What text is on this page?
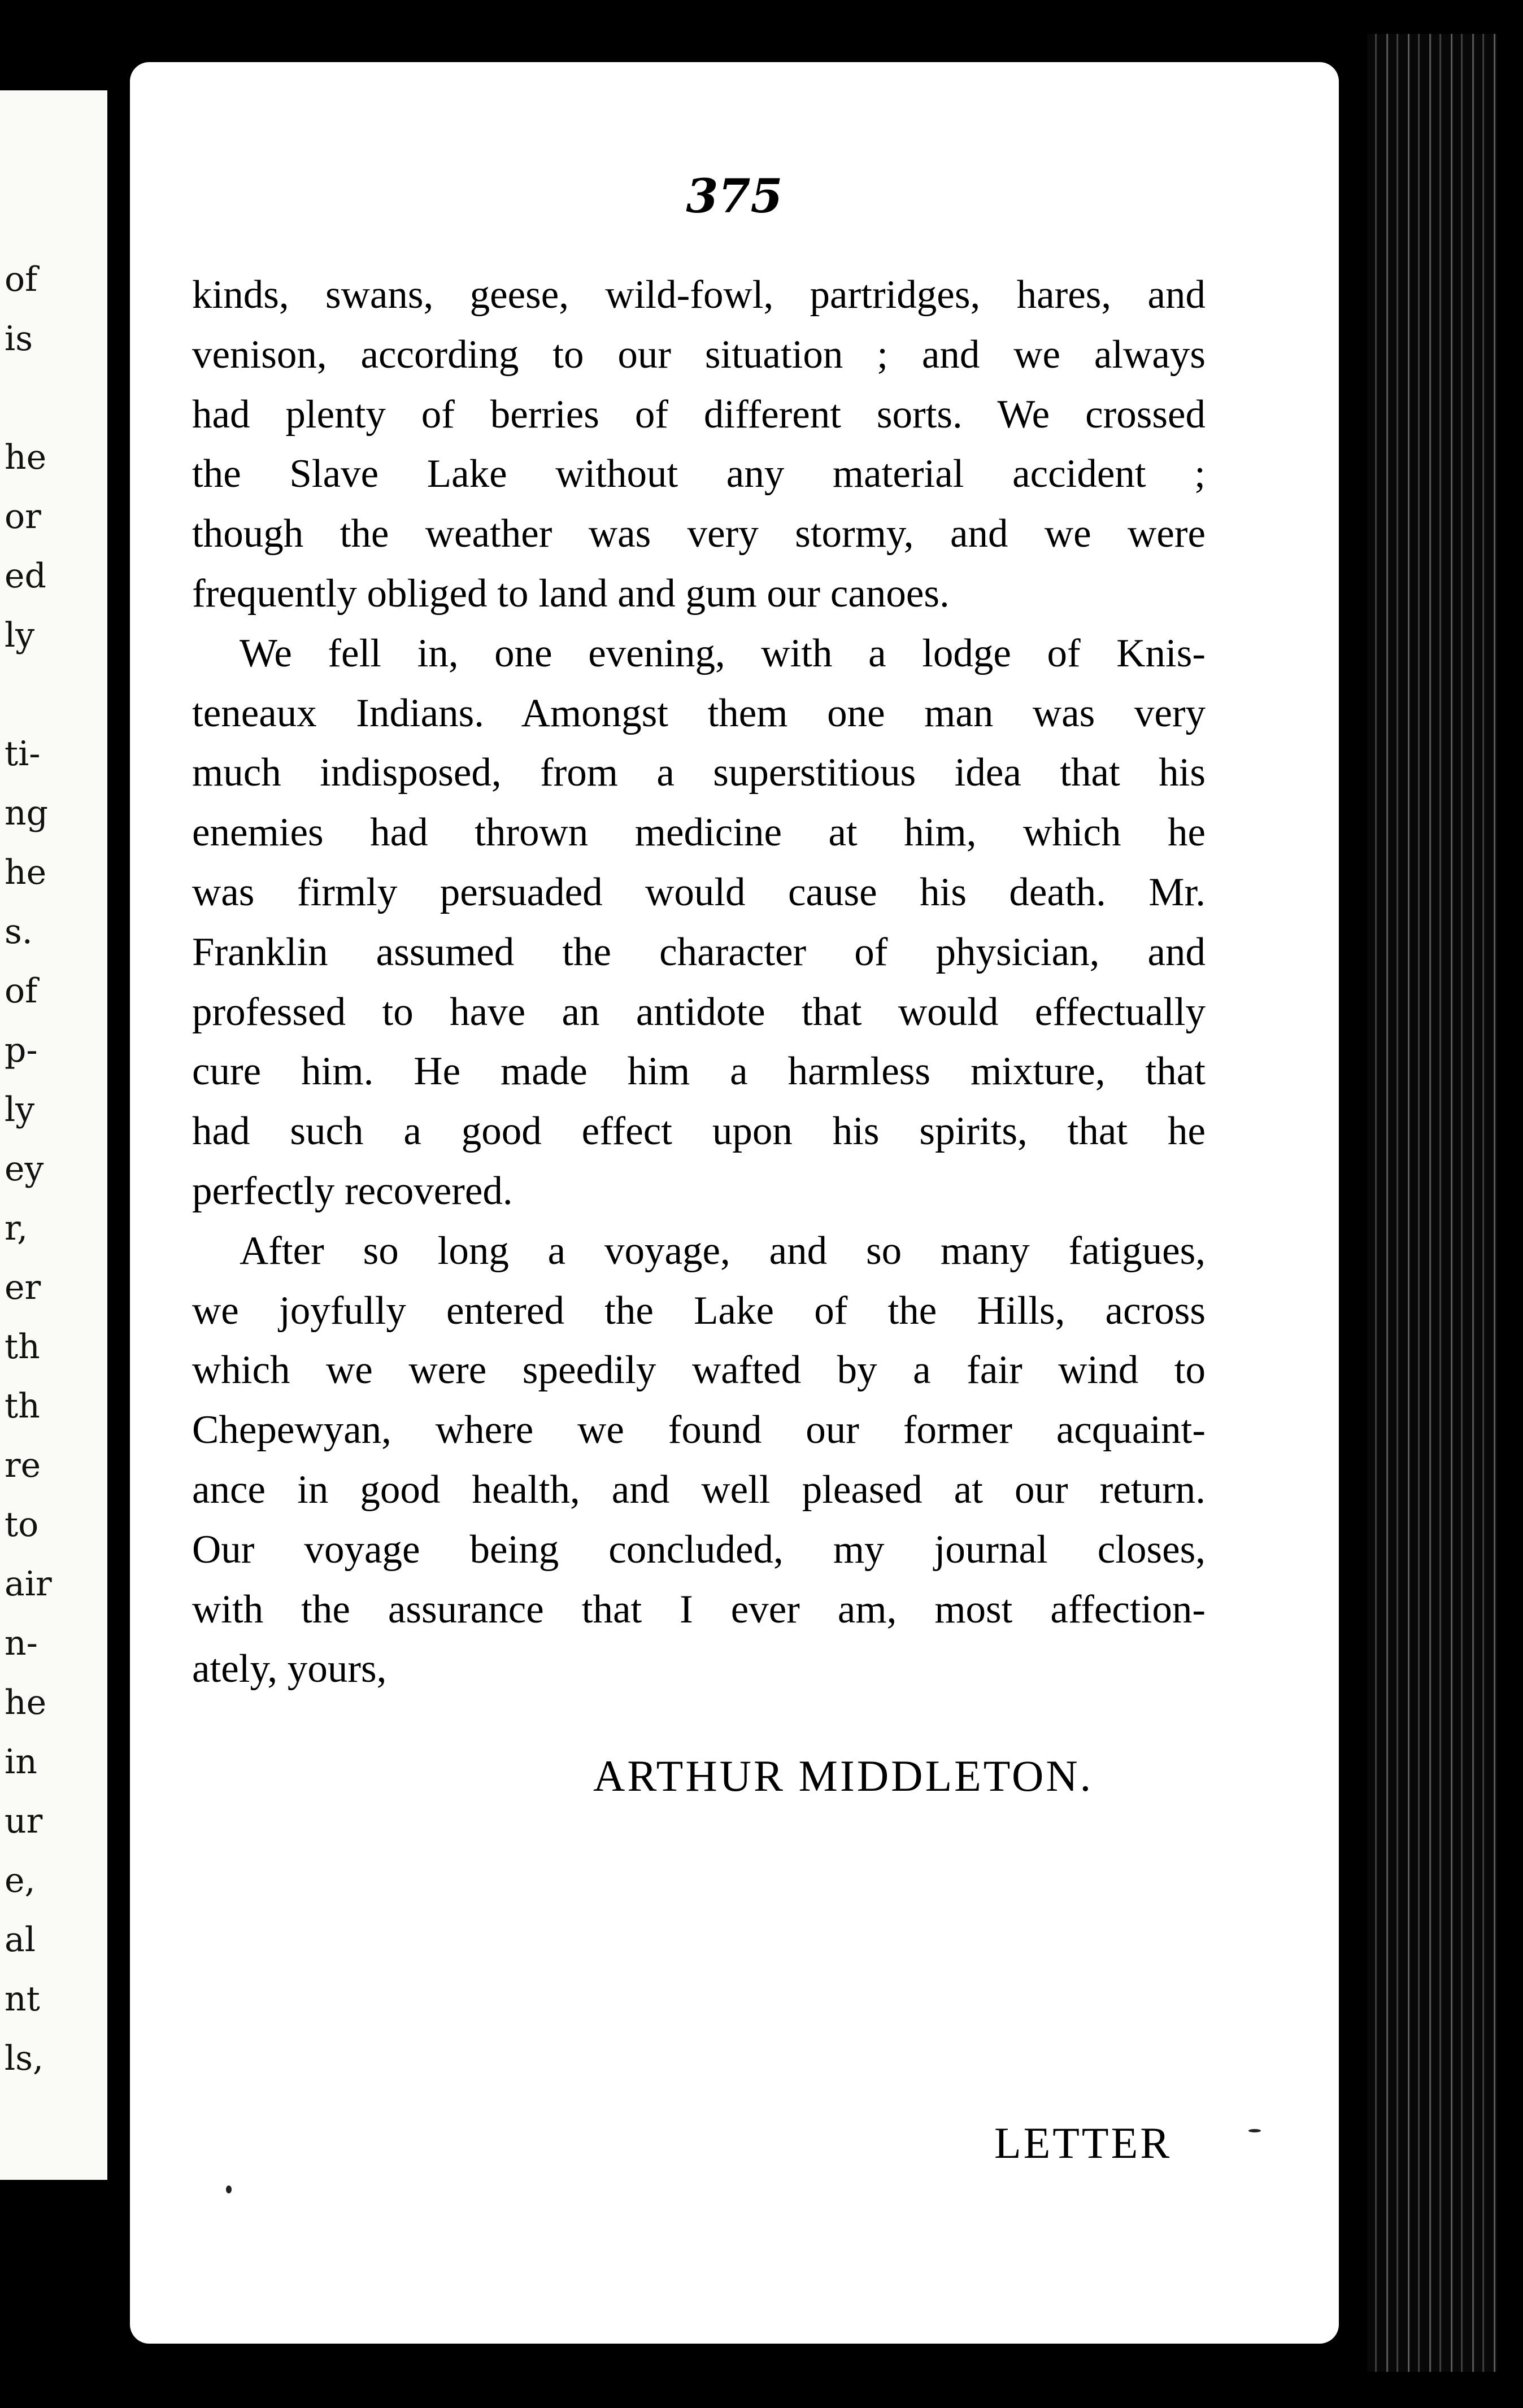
of
is
he
or
ed
ly
ti-
ng
he
s.
of
p-
ly
ey
r,
er
th
th
re
to
air
n-
he
in
ur
e,
al
nt
ls,
375
kinds, swans, geese, wild-fowl, partridges, hares, and
venison, according to our situation ; and we always
had plenty of berries of different sorts. We crossed
the Slave Lake without any material accident ;
though the weather was very stormy, and we were
frequently obliged to land and gum our canoes.
We fell in, one evening, with a lodge of Knis-
teneaux Indians. Amongst them one man was very
much indisposed, from a superstitious idea that his
enemies had thrown medicine at him, which he
was firmly persuaded would cause his death. Mr.
Franklin assumed the character of physician, and
professed to have an antidote that would effectually
cure him. He made him a harmless mixture, that
had such a good effect upon his spirits, that he
perfectly recovered.
After so long a voyage, and so many fatigues,
we joyfully entered the Lake of the Hills, across
which we were speedily wafted by a fair wind to
Chepewyan, where we found our former acquaint-
ance in good health, and well pleased at our return.
Our voyage being concluded, my journal closes,
with the assurance that I ever am, most affection-
ately, yours,
ARTHUR MIDDLETON.
LETTER
